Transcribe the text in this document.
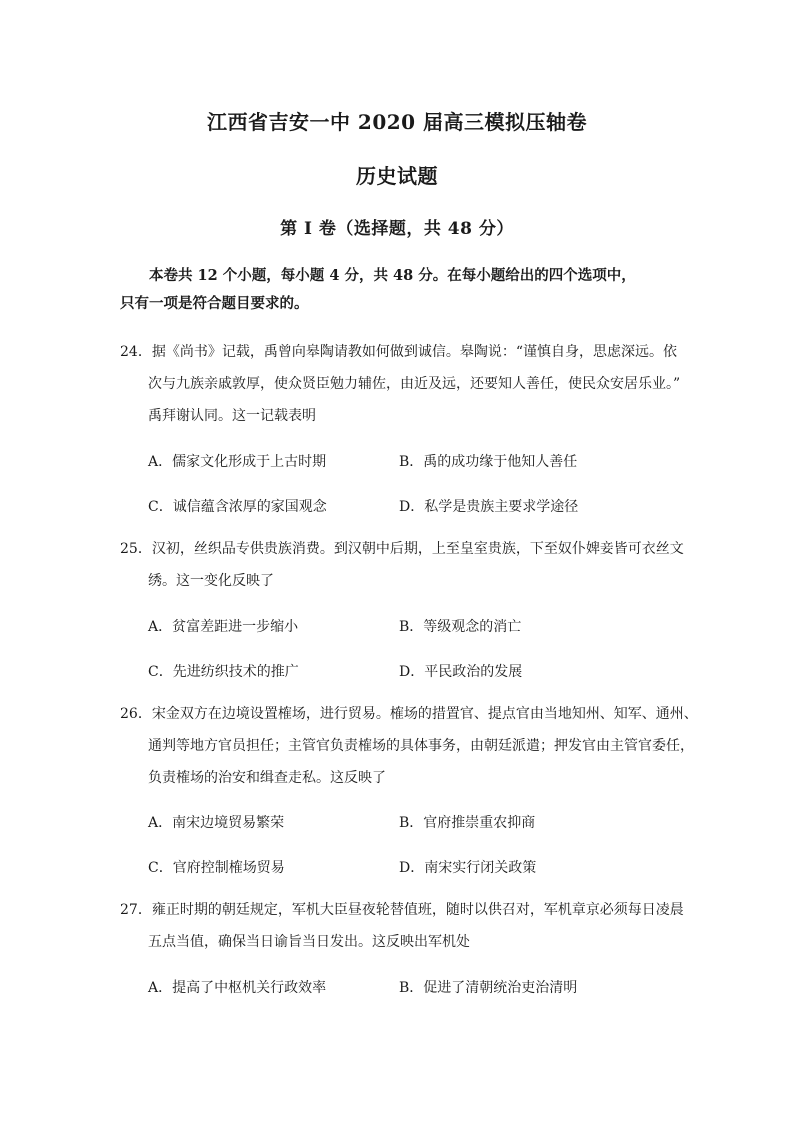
江西省吉安一中 2020 届高三模拟压轴卷
历史试题
第 I 卷（选择题，共 48 分）
本卷共 12 个小题，每小题 4 分，共 48 分。在每小题给出的四个选项中，
只有一项是符合题目要求的。
24．据《尚书》记载，禹曾向皋陶请教如何做到诚信。皋陶说：“谨慎自身，思虑深远。依
次与九族亲戚敦厚，使众贤臣勉力辅佐，由近及远，还要知人善任，使民众安居乐业。”
禹拜谢认同。这一记载表明
A．儒家文化形成于上古时期	B．禹的成功缘于他知人善任
C．诚信蕴含浓厚的家国观念	D．私学是贵族主要求学途径
25．汉初，丝织品专供贵族消费。到汉朝中后期，上至皇室贵族，下至奴仆婢妾皆可衣丝文
绣。这一变化反映了
A．贫富差距进一步缩小	B．等级观念的消亡
C．先进纺织技术的推广	D．平民政治的发展
26．宋金双方在边境设置榷场，进行贸易。榷场的措置官、提点官由当地知州、知军、通州、
通判等地方官员担任；主管官负责榷场的具体事务，由朝廷派遣；押发官由主管官委任，
负责榷场的治安和缉查走私。这反映了
A．南宋边境贸易繁荣	B．官府推崇重农抑商
C．官府控制榷场贸易	D．南宋实行闭关政策
27．雍正时期的朝廷规定，军机大臣昼夜轮替值班，随时以供召对，军机章京必须每日凌晨
五点当值，确保当日谕旨当日发出。这反映出军机处
A．提高了中枢机关行政效率	B．促进了清朝统治吏治清明
